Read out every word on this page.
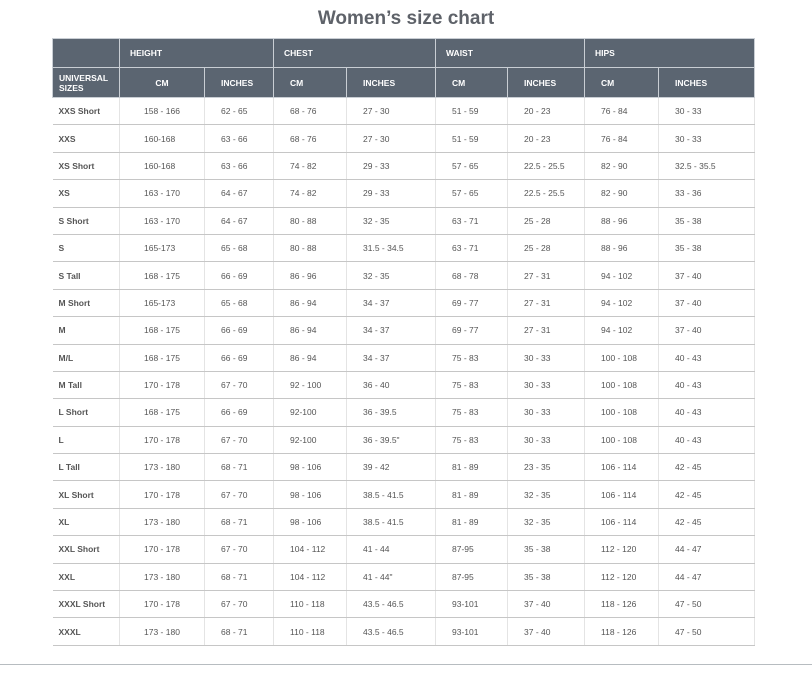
Women’s size chart
	HEIGHT		CHEST		WAIST		HIPS	
UNIVERSAL
SIZES	CM	INCHES	CM	INCHES	CM	INCHES	CM	INCHES
XXS Short	158 - 166	62 - 65	68 - 76	27 - 30	51 - 59	20 - 23	76 - 84	30 - 33
XXS	160-168	63 - 66	68 - 76	27 - 30	51 - 59	20 - 23	76 - 84	30 - 33
XS Short	160-168	63 - 66	74 - 82	29 - 33	57 - 65	22.5 - 25.5	82 - 90	32.5 - 35.5
XS	163 - 170	64 - 67	74 - 82	29 - 33	57 - 65	22.5 - 25.5	82 - 90	33 - 36
S Short	163 - 170	64 - 67	80 - 88	32 - 35	63 - 71	25 - 28	88 - 96	35 - 38
S	165-173	65 - 68	80 - 88	31.5 - 34.5	63 - 71	25 - 28	88 - 96	35 - 38
S Tall	168 - 175	66 - 69	86 - 96	32 - 35	68 - 78	27 - 31	94 - 102	37 - 40
M Short	165-173	65 - 68	86 - 94	34 - 37	69 - 77	27 - 31	94 - 102	37 - 40
M	168 - 175	66 - 69	86 - 94	34 - 37	69 - 77	27 - 31	94 - 102	37 - 40
M/L	168 - 175	66 - 69	86 - 94	34 - 37	75 - 83	30 - 33	100 - 108	40 - 43
M Tall	170 - 178	67 - 70	92 - 100	36 - 40	75 - 83	30 - 33	100 - 108	40 - 43
L Short	168 - 175	66 - 69	92-100	36 - 39.5	75 - 83	30 - 33	100 - 108	40 - 43
L	170 - 178	67 - 70	92-100	36 - 39.5"	75 - 83	30 - 33	100 - 108	40 - 43
L Tall	173 - 180	68 - 71	98 - 106	39 - 42	81 - 89	23 - 35	106 - 114	42 - 45
XL Short	170 - 178	67 - 70	98 - 106	38.5 - 41.5	81 - 89	32 - 35	106 - 114	42 - 45
XL	173 - 180	68 - 71	98 - 106	38.5 - 41.5	81 - 89	32 - 35	106 - 114	42 - 45
XXL Short	170 - 178	67 - 70	104 - 112	41 - 44	87-95	35 - 38	112 - 120	44 - 47
XXL	173 - 180	68 - 71	104 - 112	41 - 44"	87-95	35 - 38	112 - 120	44 - 47
XXXL Short	170 - 178	67 - 70	110 - 118	43.5 - 46.5	93-101	37 - 40	118 - 126	47 - 50
XXXL	173 - 180	68 - 71	110 - 118	43.5 - 46.5	93-101	37 - 40	118 - 126	47 - 50
